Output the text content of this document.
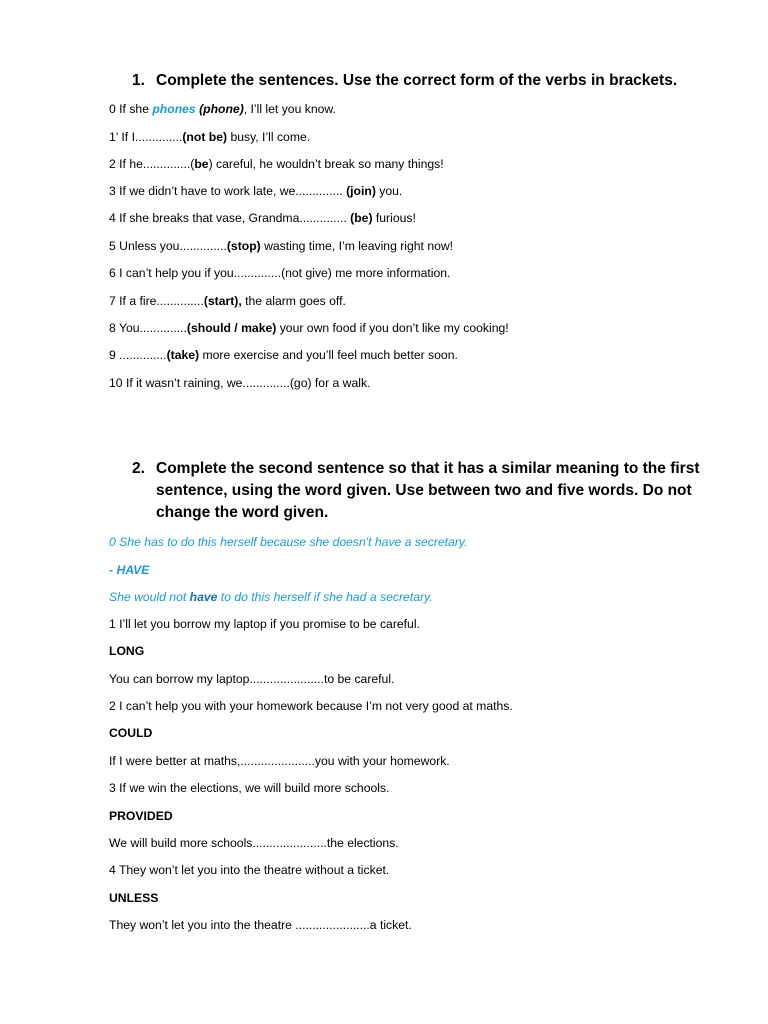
1. Complete the sentences. Use the correct form of the verbs in brackets.
0 If she phones (phone), I’ll let you know.
1’ If I..............(not be) busy, I’ll come.
2 If he..............(be) careful, he wouldn’t break so many things!
3 If we didn’t have to work late, we.............. (join) you.
4 If she breaks that vase, Grandma.............. (be) furious!
5 Unless you..............(stop) wasting time, I’m leaving right now!
6 I can’t help you if you..............(not give) me more information.
7 If a fire..............(start), the alarm goes off.
8 You..............(should / make) your own food if you don’t like my cooking!
9 ..............(take) more exercise and you’ll feel much better soon.
10 If it wasn’t raining, we..............(go) for a walk.
2. Complete the second sentence so that it has a similar meaning to the first
sentence, using the word given. Use between two and five words. Do not
change the word given.
0 She has to do this herself because she doesn't have a secretary.
- HAVE
She would not have to do this herself if she had a secretary.
1 I’ll let you borrow my laptop if you promise to be careful.
LONG
You can borrow my laptop......................to be careful.
2 I can’t help you with your homework because I’m not very good at maths.
COULD
If I were better at maths,......................you with your homework.
3 If we win the elections, we will build more schools.
PROVIDED
We will build more schools......................the elections.
4 They won’t let you into the theatre without a ticket.
UNLESS
They won’t let you into the theatre ......................a ticket.
